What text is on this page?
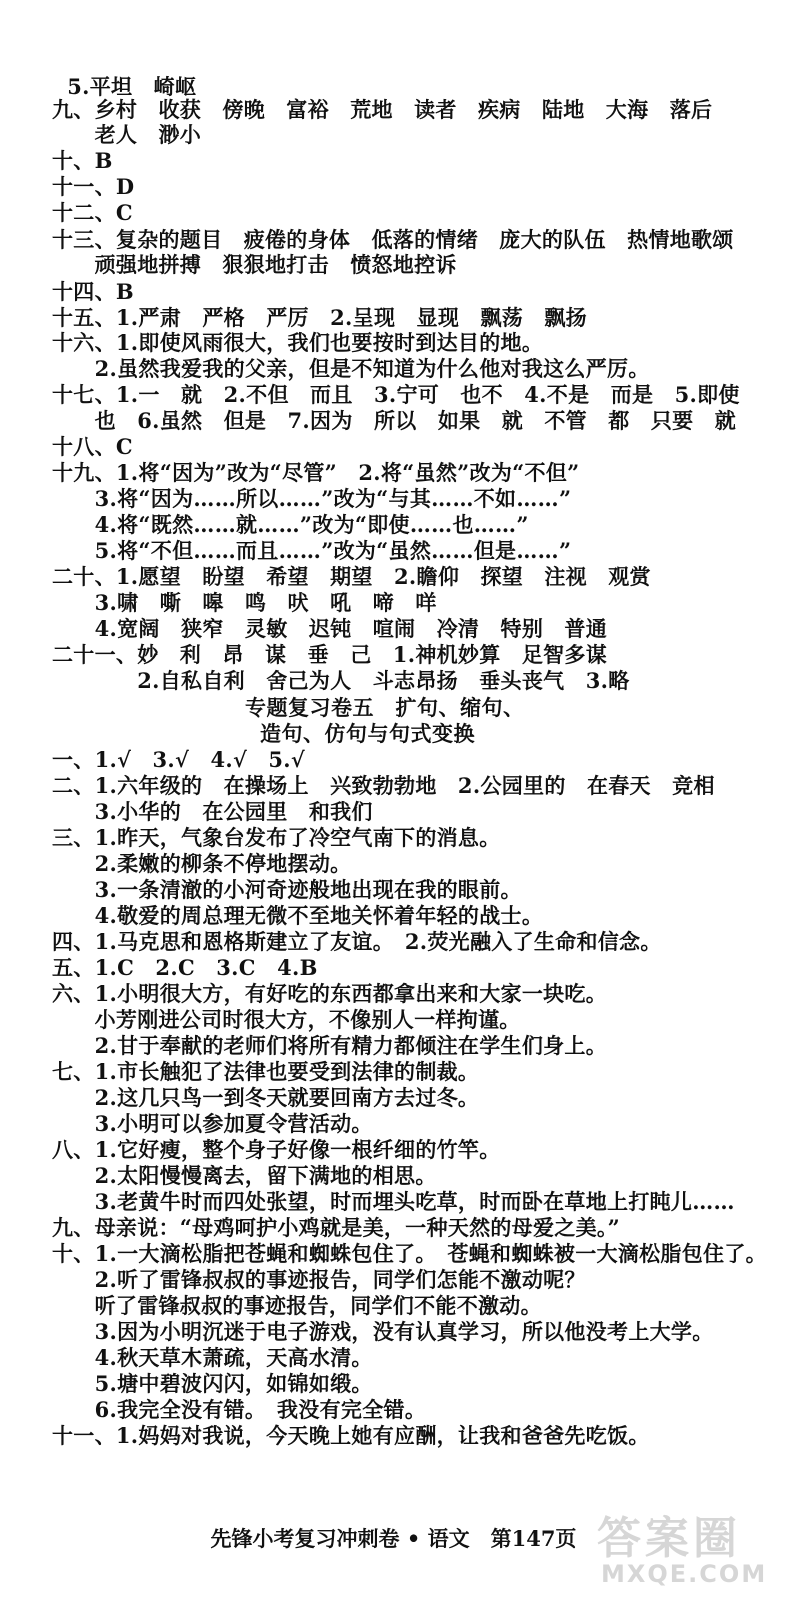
5.平坦　崎岖
九、乡村　收获　傍晚　富裕　荒地　读者　疾病　陆地　大海　落后
　　老人　渺小
十、B
十一、D
十二、C
十三、复杂的题目　疲倦的身体　低落的情绪　庞大的队伍　热情地歌颂
　　顽强地拼搏　狠狠地打击　愤怒地控诉
十四、B
十五、1.严肃　严格　严厉　2.呈现　显现　飘荡　飘扬
十六、1.即使风雨很大，我们也要按时到达目的地。
　　2.虽然我爱我的父亲，但是不知道为什么他对我这么严厉。
十七、1.一　就　2.不但　而且　3.宁可　也不　4.不是　而是　5.即使
　　也　6.虽然　但是　7.因为　所以　如果　就　不管　都　只要　就
十八、C
十九、1.将“因为”改为“尽管”　2.将“虽然”改为“不但”
　　3.将“因为……所以……”改为“与其……不如……”
　　4.将“既然……就……”改为“即使……也……”
　　5.将“不但……而且……”改为“虽然……但是……”
二十、1.愿望　盼望　希望　期望　2.瞻仰　探望　注视　观赏
　　3.啸　嘶　嗥　鸣　吠　吼　啼　咩
　　4.宽阔　狭窄　灵敏　迟钝　喧闹　冷清　特别　普通
二十一、妙　利　昂　谋　垂　己　1.神机妙算　足智多谋
　　　　2.自私自利　舍己为人　斗志昂扬　垂头丧气　3.略
专题复习卷五　扩句、缩句、
造句、仿句与句式变换
一、1.√　3.√　4.√　5.√
二、1.六年级的　在操场上　兴致勃勃地　2.公园里的　在春天　竞相
　　3.小华的　在公园里　和我们
三、1.昨天，气象台发布了冷空气南下的消息。
　　2.柔嫩的柳条不停地摆动。
　　3.一条清澈的小河奇迹般地出现在我的眼前。
　　4.敬爱的周总理无微不至地关怀着年轻的战士。
四、1.马克思和恩格斯建立了友谊。　2.荧光融入了生命和信念。
五、1.C　2.C　3.C　4.B
六、1.小明很大方，有好吃的东西都拿出来和大家一块吃。
　　小芳刚进公司时很大方，不像别人一样拘谨。
　　2.甘于奉献的老师们将所有精力都倾注在学生们身上。
七、1.市长触犯了法律也要受到法律的制裁。
　　2.这几只鸟一到冬天就要回南方去过冬。
　　3.小明可以参加夏令营活动。
八、1.它好瘦，整个身子好像一根纤细的竹竿。
　　2.太阳慢慢离去，留下满地的相思。
　　3.老黄牛时而四处张望，时而埋头吃草，时而卧在草地上打盹儿……
九、母亲说：“母鸡呵护小鸡就是美，一种天然的母爱之美。”
十、1.一大滴松脂把苍蝇和蜘蛛包住了。　苍蝇和蜘蛛被一大滴松脂包住了。
　　2.听了雷锋叔叔的事迹报告，同学们怎能不激动呢？
　　听了雷锋叔叔的事迹报告，同学们不能不激动。
　　3.因为小明沉迷于电子游戏，没有认真学习，所以他没考上大学。
　　4.秋天草木萧疏，天高水清。
　　5.塘中碧波闪闪，如锦如缎。
　　6.我完全没有错。　我没有完全错。
十一、1.妈妈对我说，今天晚上她有应酬，让我和爸爸先吃饭。
先锋小考复习冲刺卷 • 语文　第147页 答案圈
MXQE.COM
